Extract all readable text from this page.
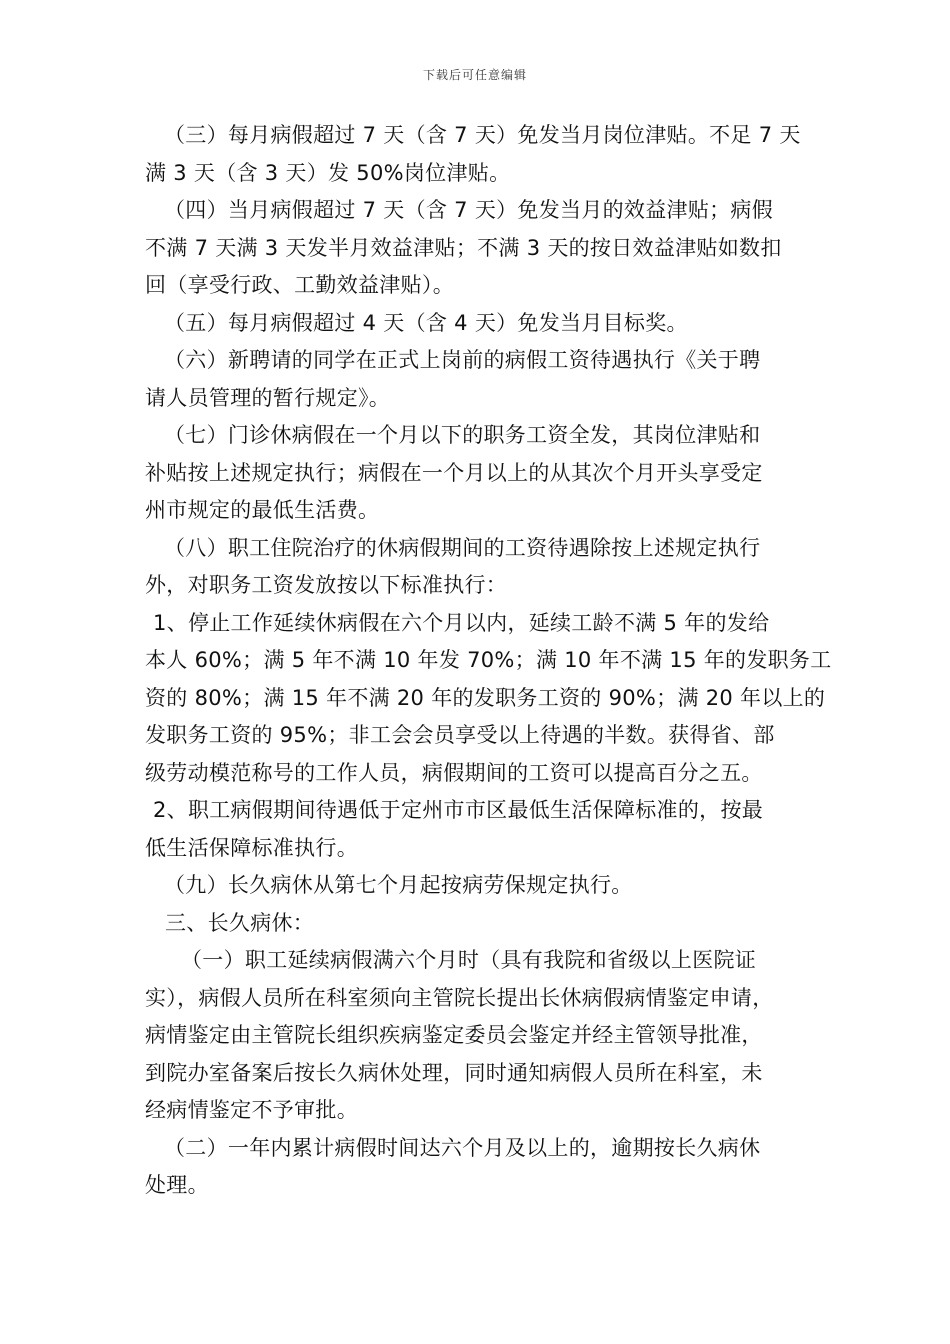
下载后可任意编辑
（三）每月病假超过 7 天（含 7 天）免发当月岗位津贴。不足 7 天
满 3 天（含 3 天）发 50%岗位津贴。
（四）当月病假超过 7 天（含 7 天）免发当月的效益津贴；病假
不满 7 天满 3 天发半月效益津贴；不满 3 天的按日效益津贴如数扣
回（享受行政、工勤效益津贴）。
（五）每月病假超过 4 天（含 4 天）免发当月目标奖。
（六）新聘请的同学在正式上岗前的病假工资待遇执行《关于聘
请人员管理的暂行规定》。
（七）门诊休病假在一个月以下的职务工资全发，其岗位津贴和
补贴按上述规定执行；病假在一个月以上的从其次个月开头享受定
州市规定的最低生活费。
（八）职工住院治疗的休病假期间的工资待遇除按上述规定执行
外，对职务工资发放按以下标准执行：
1、停止工作延续休病假在六个月以内，延续工龄不满 5 年的发给
本人 60%；满 5 年不满 10 年发 70%；满 10 年不满 15 年的发职务工
资的 80%；满 15 年不满 20 年的发职务工资的 90%；满 20 年以上的
发职务工资的 95%；非工会会员享受以上待遇的半数。获得省、部
级劳动模范称号的工作人员，病假期间的工资可以提高百分之五。
2、职工病假期间待遇低于定州市市区最低生活保障标准的，按最
低生活保障标准执行。
（九）长久病休从第七个月起按病劳保规定执行。
三、长久病休：
（一）职工延续病假满六个月时（具有我院和省级以上医院证
实），病假人员所在科室须向主管院长提出长休病假病情鉴定申请，
病情鉴定由主管院长组织疾病鉴定委员会鉴定并经主管领导批准，
到院办室备案后按长久病休处理，同时通知病假人员所在科室，未
经病情鉴定不予审批。
（二）一年内累计病假时间达六个月及以上的，逾期按长久病休
处理。
